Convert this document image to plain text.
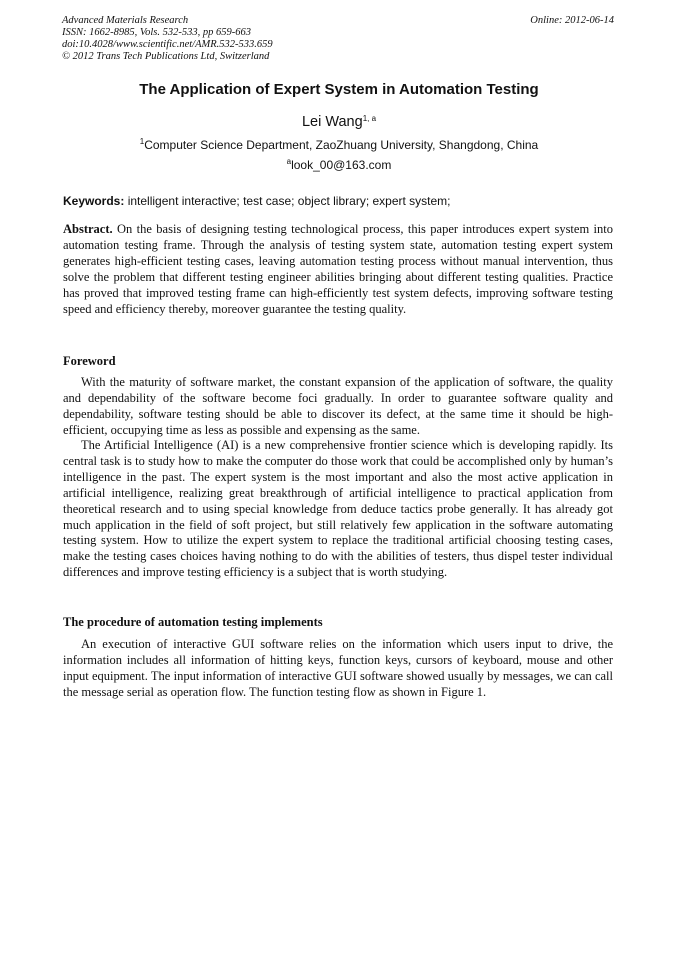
Advanced Materials Research
ISSN: 1662-8985, Vols. 532-533, pp 659-663
doi:10.4028/www.scientific.net/AMR.532-533.659
© 2012 Trans Tech Publications Ltd, Switzerland
Online: 2012-06-14
The Application of Expert System in Automation Testing
Lei Wang$^{1, a}$
$^1$Computer Science Department, ZaoZhuang University, Shangdong, China
$^a$look_00@163.com
Keywords: intelligent interactive; test case; object library; expert system;
Abstract. On the basis of designing testing technological process, this paper introduces expert system into automation testing frame. Through the analysis of testing system state, automation testing expert system generates high-efficient testing cases, leaving automation testing process without manual intervention, thus solve the problem that different testing engineer abilities bringing about different testing qualities. Practice has proved that improved testing frame can high-efficiently test system defects, improving software testing speed and efficiency thereby, moreover guarantee the testing quality.
Foreword
With the maturity of software market, the constant expansion of the application of software, the quality and dependability of the software become foci gradually. In order to guarantee software quality and dependability, software testing should be able to discover its defect, at the same time it should be high-efficient, occupying time as less as possible and expensing as the same.
The Artificial Intelligence (AI) is a new comprehensive frontier science which is developing rapidly. Its central task is to study how to make the computer do those work that could be accomplished only by human’s intelligence in the past. The expert system is the most important and also the most active application in artificial intelligence, realizing great breakthrough of artificial intelligence to practical application from theoretical research and to using special knowledge from deduce tactics probe generally. It has already got much application in the field of soft project, but still relatively few application in the software automating testing system. How to utilize the expert system to replace the traditional artificial choosing testing cases, make the testing cases choices having nothing to do with the abilities of testers, thus dispel tester individual differences and improve testing efficiency is a subject that is worth studying.
The procedure of automation testing implements
An execution of interactive GUI software relies on the information which users input to drive, the information includes all information of hitting keys, function keys, cursors of keyboard, mouse and other input equipment. The input information of interactive GUI software showed usually by messages, we can call the message serial as operation flow. The function testing flow as shown in Figure 1.
